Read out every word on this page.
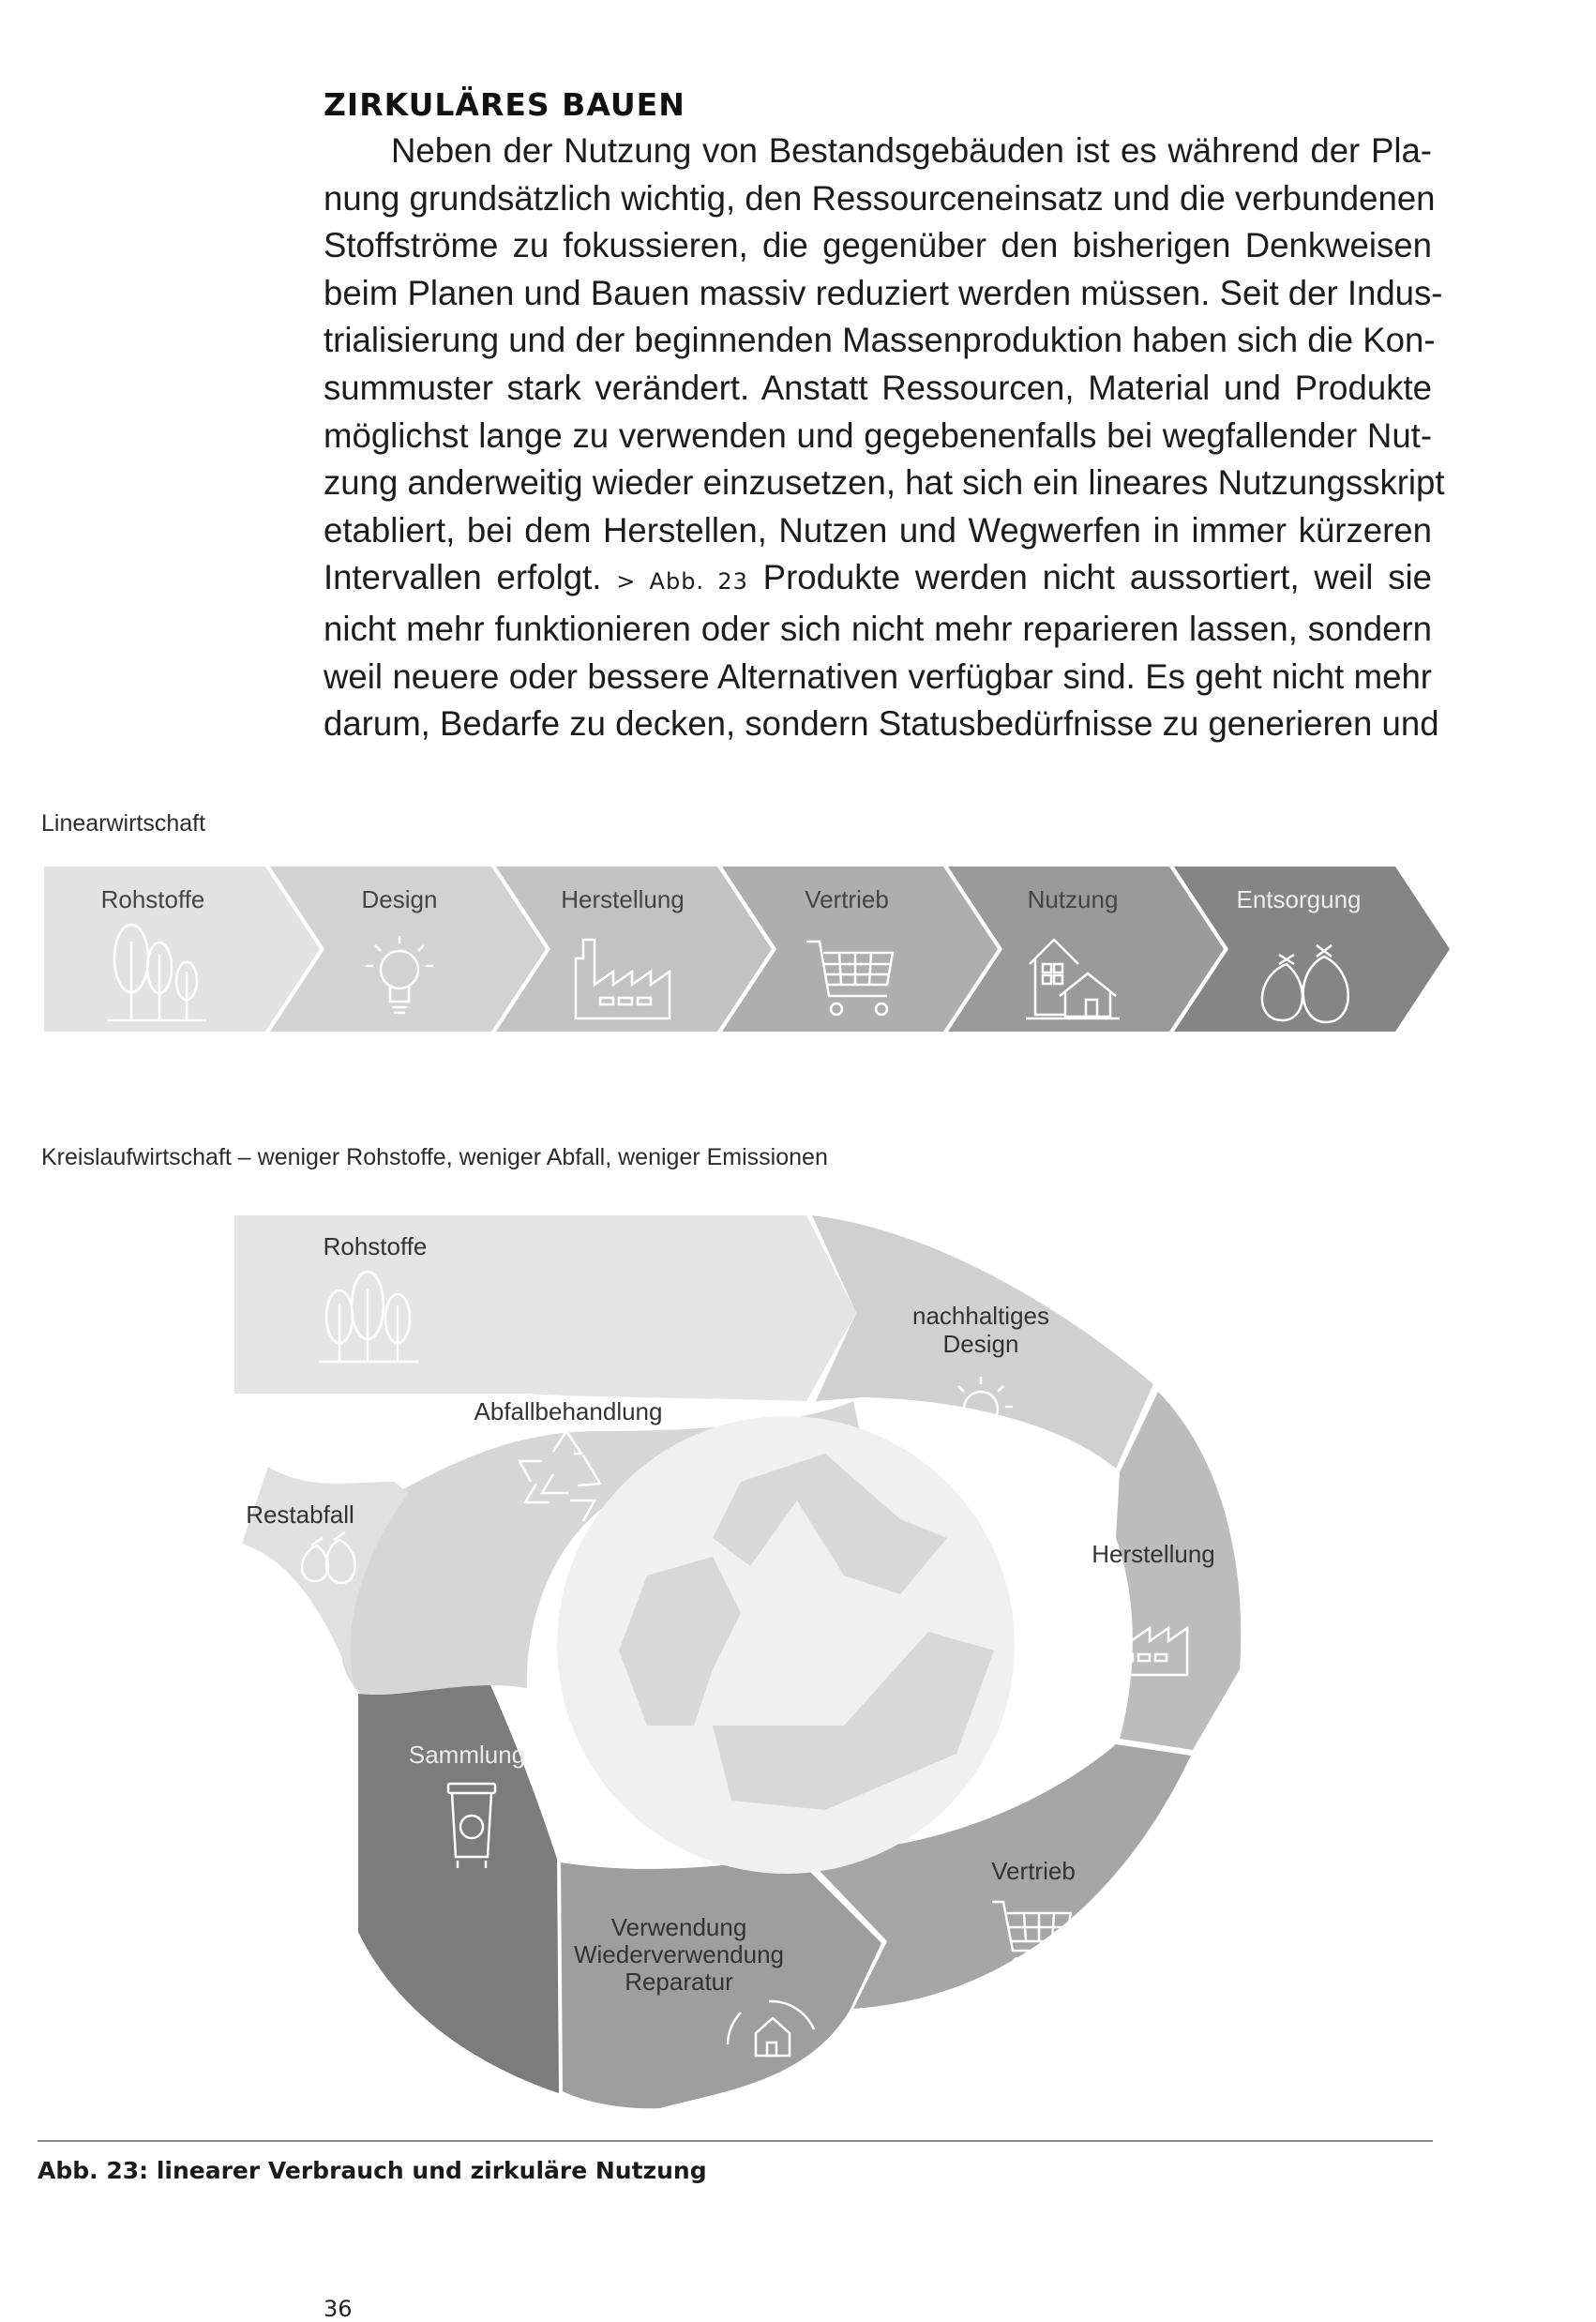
ZIRKULÄRES BAUEN
Neben der Nutzung von Bestandsgebäuden ist es während der Pla-
nung grundsätzlich wichtig, den Ressourceneinsatz und die verbundenen
Stoffströme zu fokussieren, die gegenüber den bisherigen Denkweisen
beim Planen und Bauen massiv reduziert werden müssen. Seit der Indus-
trialisierung und der beginnenden Massenproduktion haben sich die Kon-
summuster stark verändert. Anstatt Ressourcen, Material und Produkte
möglichst lange zu verwenden und gegebenenfalls bei wegfallender Nut-
zung anderweitig wieder einzusetzen, hat sich ein lineares Nutzungsskript
etabliert, bei dem Herstellen, Nutzen und Wegwerfen in immer kürzeren
Intervallen erfolgt. > Abb. 23 Produkte werden nicht aussortiert, weil sie
nicht mehr funktionieren oder sich nicht mehr reparieren lassen, sondern
weil neuere oder bessere Alternativen verfügbar sind. Es geht nicht mehr
darum, Bedarfe zu decken, sondern Statusbedürfnisse zu generieren und
Linearwirtschaft
Rohstoffe	Design	Herstellung	Vertrieb	Nutzung	Entsorgung
Kreislaufwirtschaft – weniger Rohstoffe, weniger Abfall, weniger Emissionen
Rohstoffe
nachhaltiges
Design
Abfallbehandlung
Restabfall
Herstellung
Sammlung
Vertrieb
Verwendung
Wiederverwendung
Reparatur
Abb. 23: linearer Verbrauch und zirkuläre Nutzung
36
